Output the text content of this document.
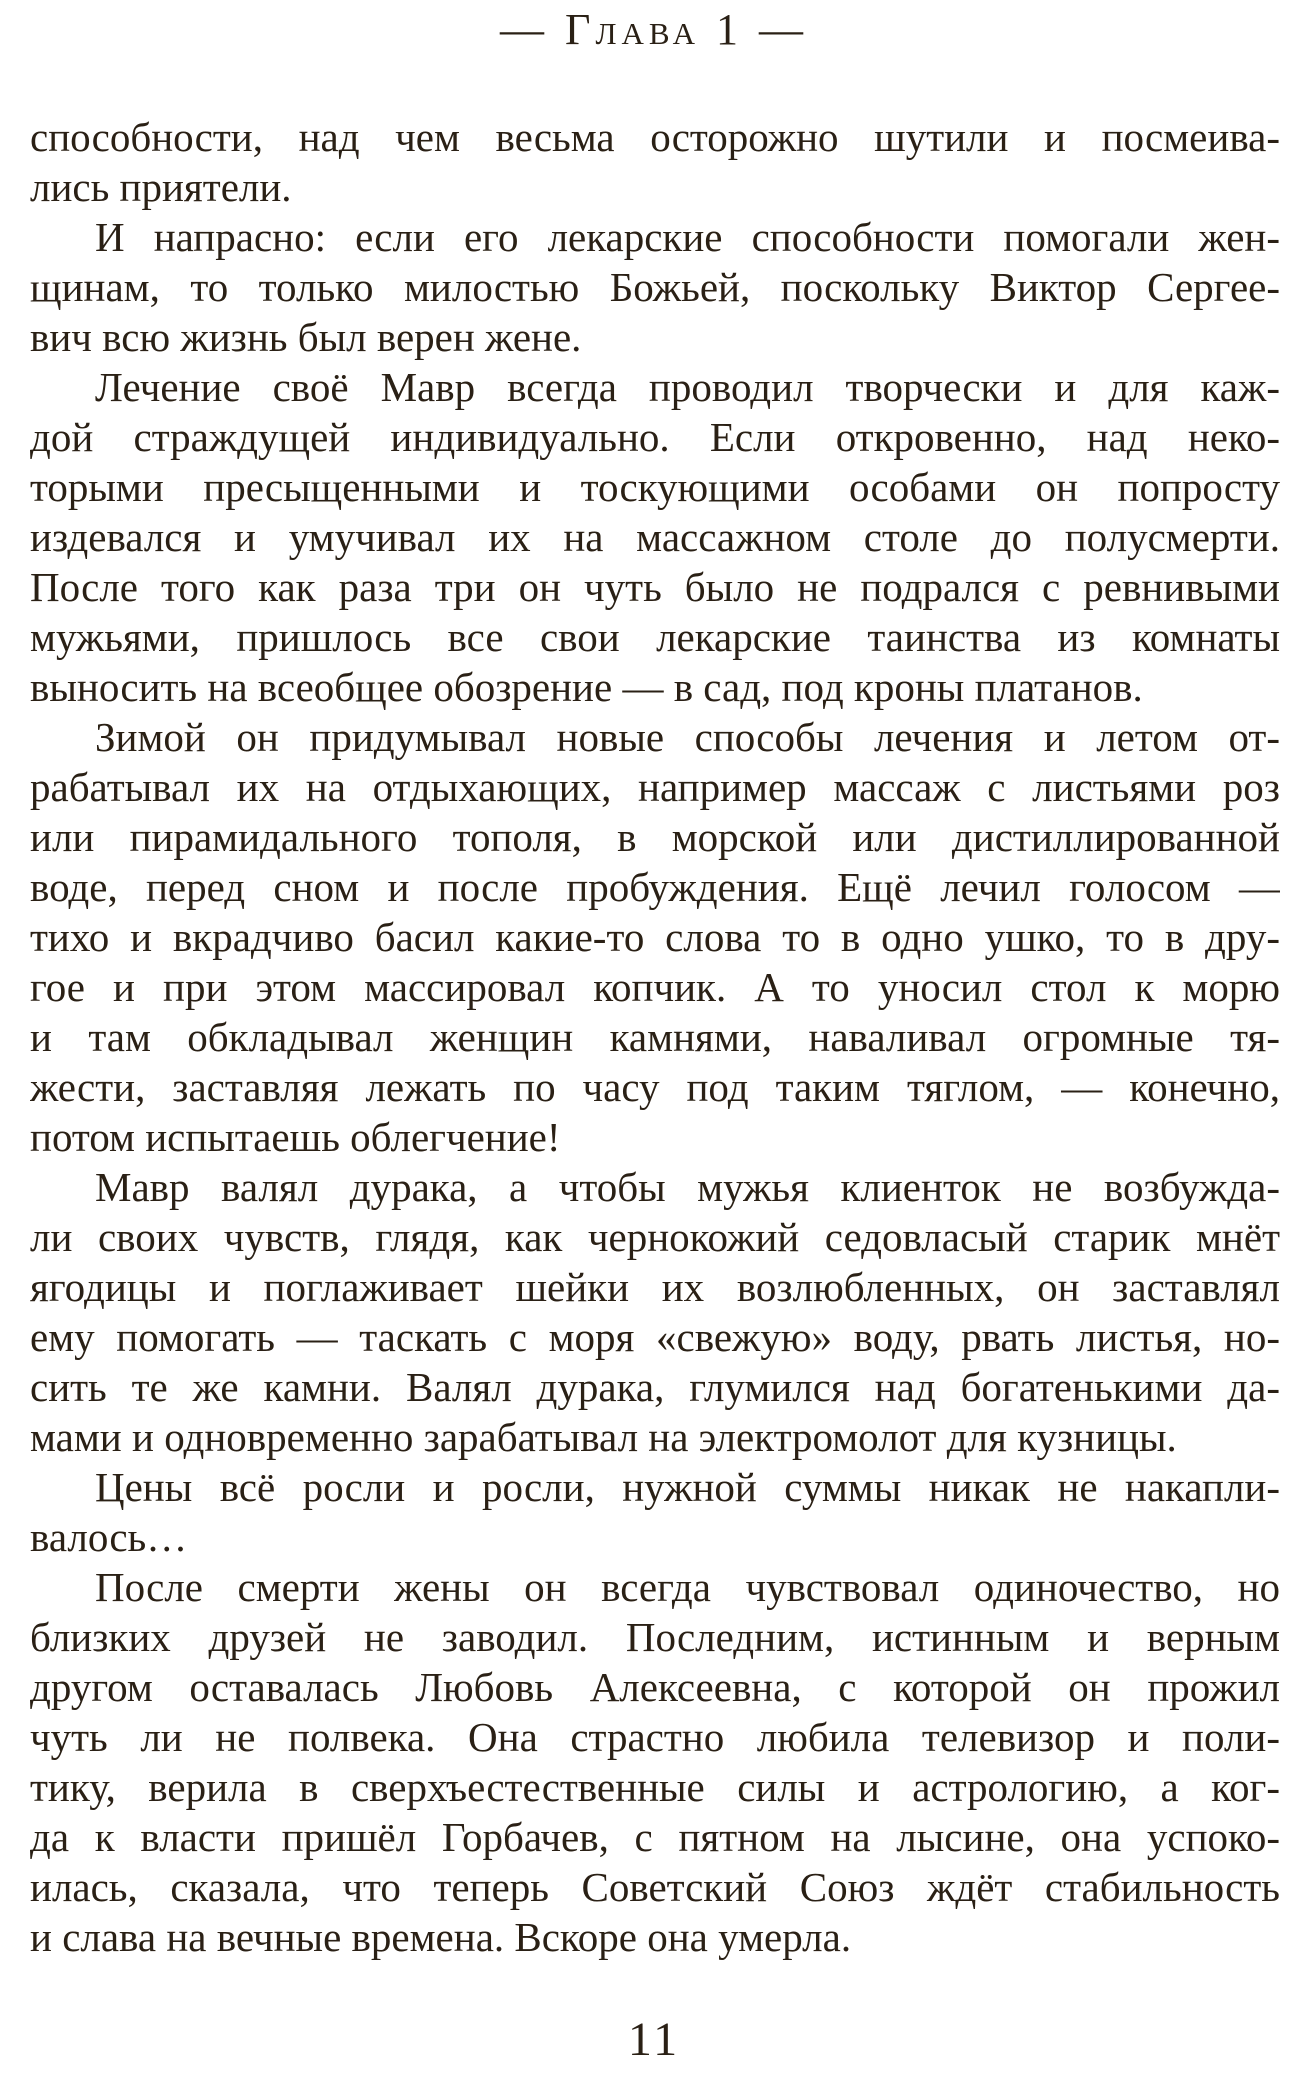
— Глава 1 —
способности, над чем весьма осторожно шутили и посмеива-
лись приятели.
И напрасно: если его лекарские способности помогали жен-
щинам, то только милостью Божьей, поскольку Виктор Сергее-
вич всю жизнь был верен жене.
Лечение своё Мавр всегда проводил творчески и для каж-
дой страждущей индивидуально. Если откровенно, над неко-
торыми пресыщенными и тоскующими особами он попросту
издевался и умучивал их на массажном столе до полусмерти.
После того как раза три он чуть было не подрался с ревнивыми
мужьями, пришлось все свои лекарские таинства из комнаты
выносить на всеобщее обозрение — в сад, под кроны платанов.
Зимой он придумывал новые способы лечения и летом от-
рабатывал их на отдыхающих, например массаж с листьями роз
или пирамидального тополя, в морской или дистиллированной
воде, перед сном и после пробуждения. Ещё лечил голосом —
тихо и вкрадчиво басил какие-то слова то в одно ушко, то в дру-
гое и при этом массировал копчик. А то уносил стол к морю
и там обкладывал женщин камнями, наваливал огромные тя-
жести, заставляя лежать по часу под таким тяглом, — конечно,
потом испытаешь облегчение!
Мавр валял дурака, а чтобы мужья клиенток не возбужда-
ли своих чувств, глядя, как чернокожий седовласый старик мнёт
ягодицы и поглаживает шейки их возлюбленных, он заставлял
ему помогать — таскать с моря «свежую» воду, рвать листья, но-
сить те же камни. Валял дурака, глумился над богатенькими да-
мами и одновременно зарабатывал на электромолот для кузницы.
Цены всё росли и росли, нужной суммы никак не накапли-
валось…
После смерти жены он всегда чувствовал одиночество, но
близких друзей не заводил. Последним, истинным и верным
другом оставалась Любовь Алексеевна, с которой он прожил
чуть ли не полвека. Она страстно любила телевизор и поли-
тику, верила в сверхъестественные силы и астрологию, а ког-
да к власти пришёл Горбачев, с пятном на лысине, она успоко-
илась, сказала, что теперь Советский Союз ждёт стабильность
и слава на вечные времена. Вскоре она умерла.
11
